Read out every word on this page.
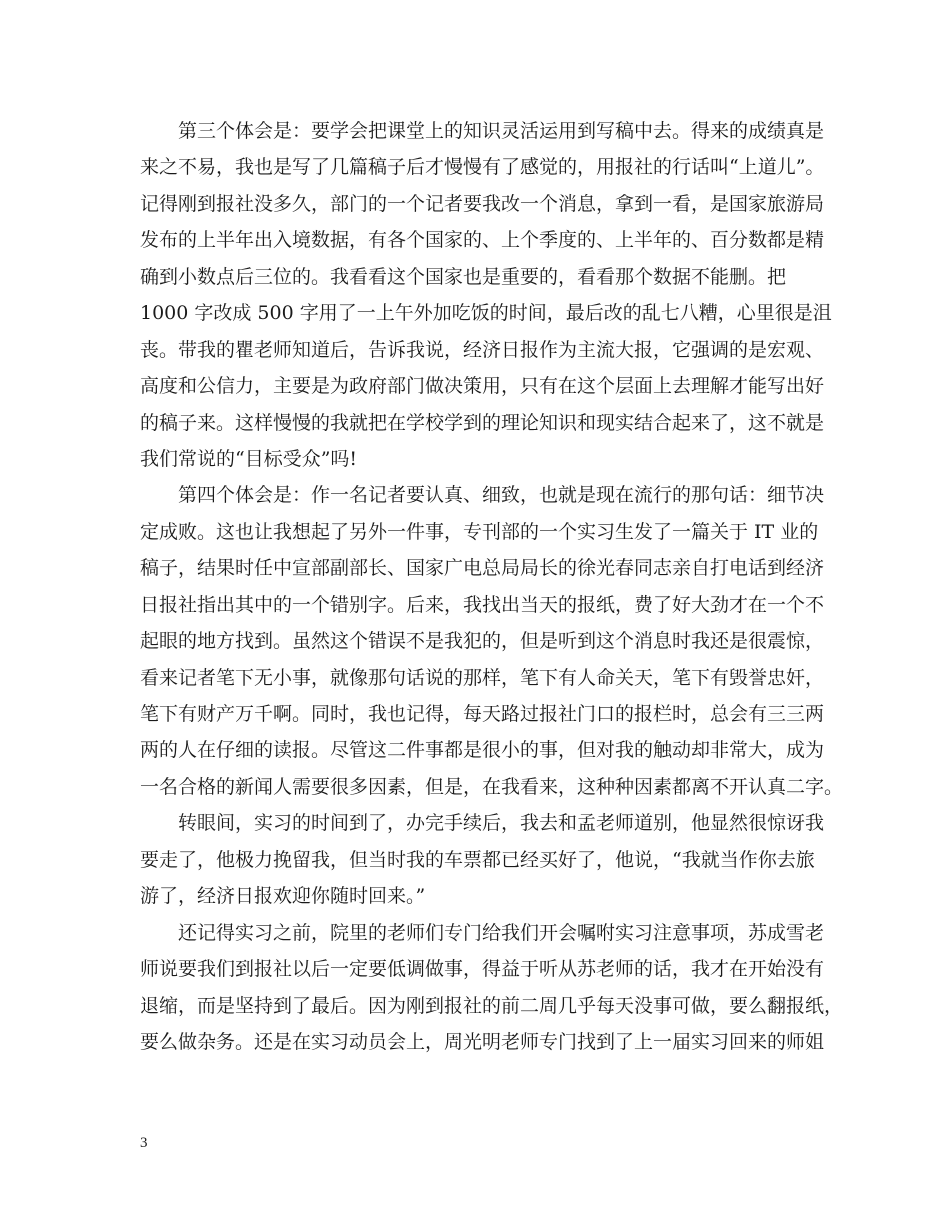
　　第三个体会是：要学会把课堂上的知识灵活运用到写稿中去。得来的成绩真是
来之不易，我也是写了几篇稿子后才慢慢有了感觉的，用报社的行话叫“上道儿”。
记得刚到报社没多久，部门的一个记者要我改一个消息，拿到一看，是国家旅游局
发布的上半年出入境数据，有各个国家的、上个季度的、上半年的、百分数都是精
确到小数点后三位的。我看看这个国家也是重要的，看看那个数据不能删。把
1000 字改成 500 字用了一上午外加吃饭的时间，最后改的乱七八糟，心里很是沮
丧。带我的瞿老师知道后，告诉我说，经济日报作为主流大报，它强调的是宏观、
高度和公信力，主要是为政府部门做决策用，只有在这个层面上去理解才能写出好
的稿子来。这样慢慢的我就把在学校学到的理论知识和现实结合起来了，这不就是
我们常说的“目标受众”吗!
　　第四个体会是：作一名记者要认真、细致，也就是现在流行的那句话：细节决
定成败。这也让我想起了另外一件事，专刊部的一个实习生发了一篇关于 IT 业的
稿子，结果时任中宣部副部长、国家广电总局局长的徐光春同志亲自打电话到经济
日报社指出其中的一个错别字。后来，我找出当天的报纸，费了好大劲才在一个不
起眼的地方找到。虽然这个错误不是我犯的，但是听到这个消息时我还是很震惊，
看来记者笔下无小事，就像那句话说的那样，笔下有人命关天，笔下有毁誉忠奸，
笔下有财产万千啊。同时，我也记得，每天路过报社门口的报栏时，总会有三三两
两的人在仔细的读报。尽管这二件事都是很小的事，但对我的触动却非常大，成为
一名合格的新闻人需要很多因素，但是，在我看来，这种种因素都离不开认真二字。
　　转眼间，实习的时间到了，办完手续后，我去和孟老师道别，他显然很惊讶我
要走了，他极力挽留我，但当时我的车票都已经买好了，他说，“我就当作你去旅
游了，经济日报欢迎你随时回来。”
　　还记得实习之前，院里的老师们专门给我们开会嘱咐实习注意事项，苏成雪老
师说要我们到报社以后一定要低调做事，得益于听从苏老师的话，我才在开始没有
退缩，而是坚持到了最后。因为刚到报社的前二周几乎每天没事可做，要么翻报纸，
要么做杂务。还是在实习动员会上，周光明老师专门找到了上一届实习回来的师姐
3
